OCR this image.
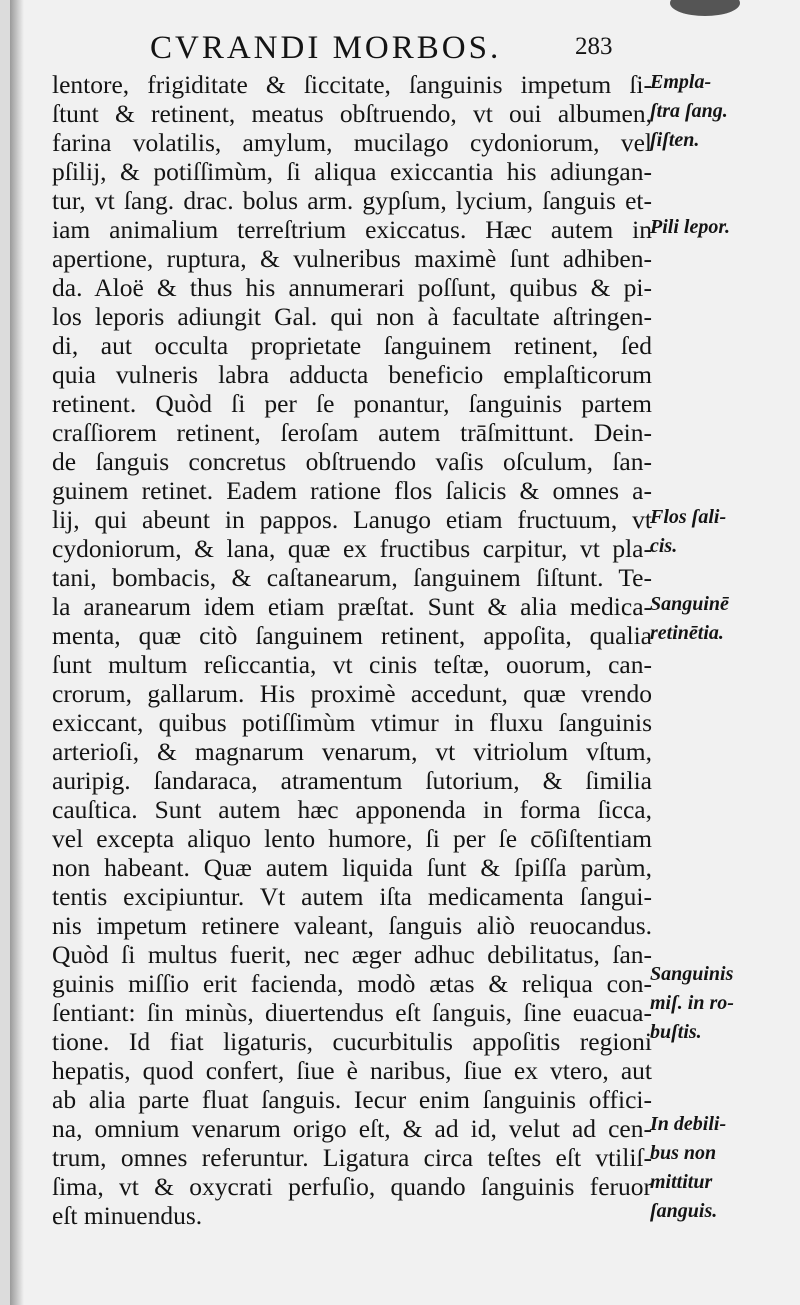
CVRANDI MORBOS.	283
lentore, frigiditate & ſiccitate, ſanguinis impetum ſi-
ſtunt & retinent, meatus obſtruendo, vt oui albumen,
farina volatilis, amylum, mucilago cydoniorum, vel
pſilij, & potiſſimùm, ſi aliqua exiccantia his adiungan-
tur, vt ſang. drac. bolus arm. gypſum, lycium, ſanguis et-
iam animalium terreſtrium exiccatus. Hæc autem in
apertione, ruptura, & vulneribus maximè ſunt adhiben-
da. Aloë & thus his annumerari poſſunt, quibus & pi-
los leporis adiungit Gal. qui non à facultate aſtringen-
di, aut occulta proprietate ſanguinem retinent, ſed
quia vulneris labra adducta beneficio emplaſticorum
retinent. Quòd ſi per ſe ponantur, ſanguinis partem
craſſiorem retinent, ſeroſam autem trāſmittunt. Dein-
de ſanguis concretus obſtruendo vaſis oſculum, ſan-
guinem retinet. Eadem ratione flos ſalicis & omnes a-
lij, qui abeunt in pappos. Lanugo etiam fructuum, vt
cydoniorum, & lana, quæ ex fructibus carpitur, vt pla-
tani, bombacis, & caſtanearum, ſanguinem ſiſtunt. Te-
la aranearum idem etiam præſtat. Sunt & alia medica-
menta, quæ citò ſanguinem retinent, appoſita, qualia
ſunt multum reſiccantia, vt cinis teſtæ, ouorum, can-
crorum, gallarum. His proximè accedunt, quæ vrendo
exiccant, quibus potiſſimùm vtimur in fluxu ſanguinis
arterioſi, & magnarum venarum, vt vitriolum vſtum,
auripig. ſandaraca, atramentum ſutorium, & ſimilia
cauſtica. Sunt autem hæc apponenda in forma ſicca,
vel excepta aliquo lento humore, ſi per ſe cōſiſtentiam
non habeant. Quæ autem liquida ſunt & ſpiſſa parùm,
tentis excipiuntur. Vt autem iſta medicamenta ſangui-
nis impetum retinere valeant, ſanguis aliò reuocandus.
Quòd ſi multus fuerit, nec æger adhuc debilitatus, ſan-
guinis miſſio erit facienda, modò ætas & reliqua con-
ſentiant: ſin minùs, diuertendus eſt ſanguis, ſine euacua-
tione. Id fiat ligaturis, cucurbitulis appoſitis regioni
hepatis, quod confert, ſiue è naribus, ſiue ex vtero, aut
ab alia parte fluat ſanguis. Iecur enim ſanguinis offici-
na, omnium venarum origo eſt, & ad id, velut ad cen-
trum, omnes referuntur. Ligatura circa teſtes eſt vtiliſ-
ſima, vt & oxycrati perfuſio, quando ſanguinis feruor
eſt minuendus.
Empla-
ſtra ſang.
ſiſten.
Pili lepor.
Flos ſali-
cis.
Sanguinē
retinētia.
Sanguinis
miſ. in ro-
buſtis.
In debili-
bus non
mittitur
ſanguis.
